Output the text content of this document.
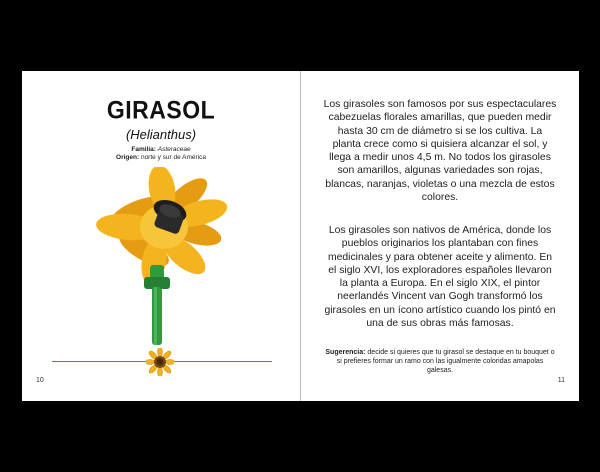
GIRASOL
(Helianthus)
Familia: Asteraceae
Origen: norte y sur de América
10
Los girasoles son famosos por sus espectaculares cabezuelas florales amarillas, que pueden medir hasta 30 cm de diámetro si se los cultiva. La planta crece como si quisiera alcanzar el sol, y llega a medir unos 4,5 m. No todos los girasoles son amarillos, algunas variedades son rojas, blancas, naranjas, violetas o una mezcla de estos colores.
Los girasoles son nativos de América, donde los pueblos originarios los plantaban con fines medicinales y para obtener aceite y alimento. En el siglo XVI, los exploradores españoles llevaron la planta a Europa. En el siglo XIX, el pintor neerlandés Vincent van Gogh transformó los girasoles en un ícono artístico cuando los pintó en una de sus obras más famosas.
Sugerencia: decide si quieres que tu girasol se destaque en tu bouquet o si prefieres formar un ramo con las igualmente coloridas amapolas galesas.
11
